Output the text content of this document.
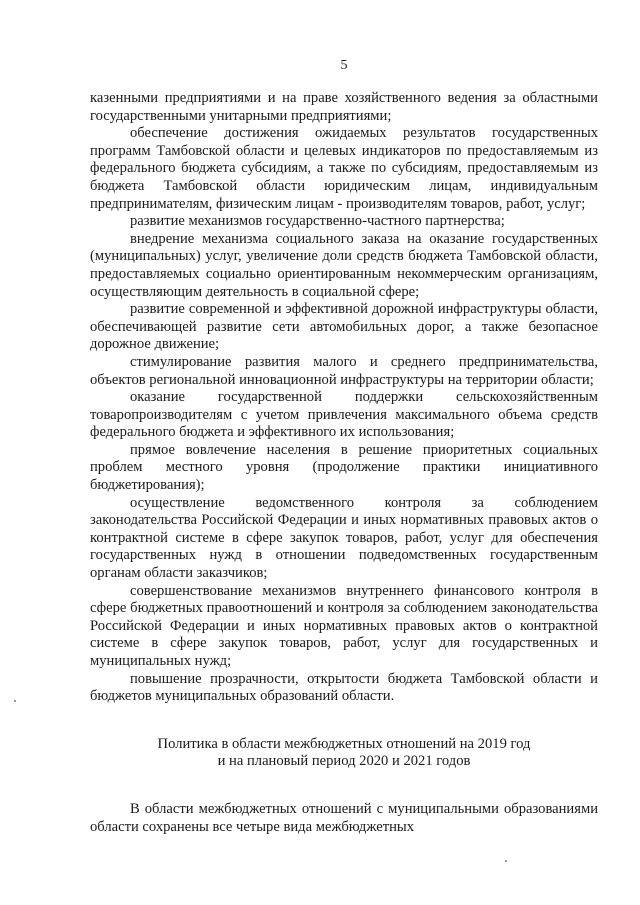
5

казенными предприятиями и на праве хозяйственного ведения за областными государственными унитарными предприятиями;

обеспечение достижения ожидаемых результатов государственных программ Тамбовской области и целевых индикаторов по предоставляемым из федерального бюджета субсидиям, а также по субсидиям, предоставляемым из бюджета Тамбовской области юридическим лицам, индивидуальным предпринимателям, физическим лицам - производителям товаров, работ, услуг;

развитие механизмов государственно-частного партнерства;

внедрение механизма социального заказа на оказание государственных (муниципальных) услуг, увеличение доли средств бюджета Тамбовской области, предоставляемых социально ориентированным некоммерческим организациям, осуществляющим деятельность в социальной сфере;

развитие современной и эффективной дорожной инфраструктуры области, обеспечивающей развитие сети автомобильных дорог, а также безопасное дорожное движение;

стимулирование развития малого и среднего предпринимательства, объектов региональной инновационной инфраструктуры на территории области;

оказание государственной поддержки сельскохозяйственным товаропроизводителям с учетом привлечения максимального объема средств федерального бюджета и эффективного их использования;

прямое вовлечение населения в решение приоритетных социальных проблем местного уровня (продолжение практики инициативного бюджетирования);

осуществление ведомственного контроля за соблюдением законодательства Российской Федерации и иных нормативных правовых актов о контрактной системе в сфере закупок товаров, работ, услуг для обеспечения государственных нужд в отношении подведомственных государственным органам области заказчиков;

совершенствование механизмов внутреннего финансового контроля в сфере бюджетных правоотношений и контроля за соблюдением законодательства Российской Федерации и иных нормативных правовых актов о контрактной системе в сфере закупок товаров, работ, услуг для государственных и муниципальных нужд;

повышение прозрачности, открытости бюджета Тамбовской области и бюджетов муниципальных образований области.

Политика в области межбюджетных отношений на 2019 год
и на плановый период 2020 и 2021 годов

В области межбюджетных отношений с муниципальными образованиями области сохранены все четыре вида межбюджетных
